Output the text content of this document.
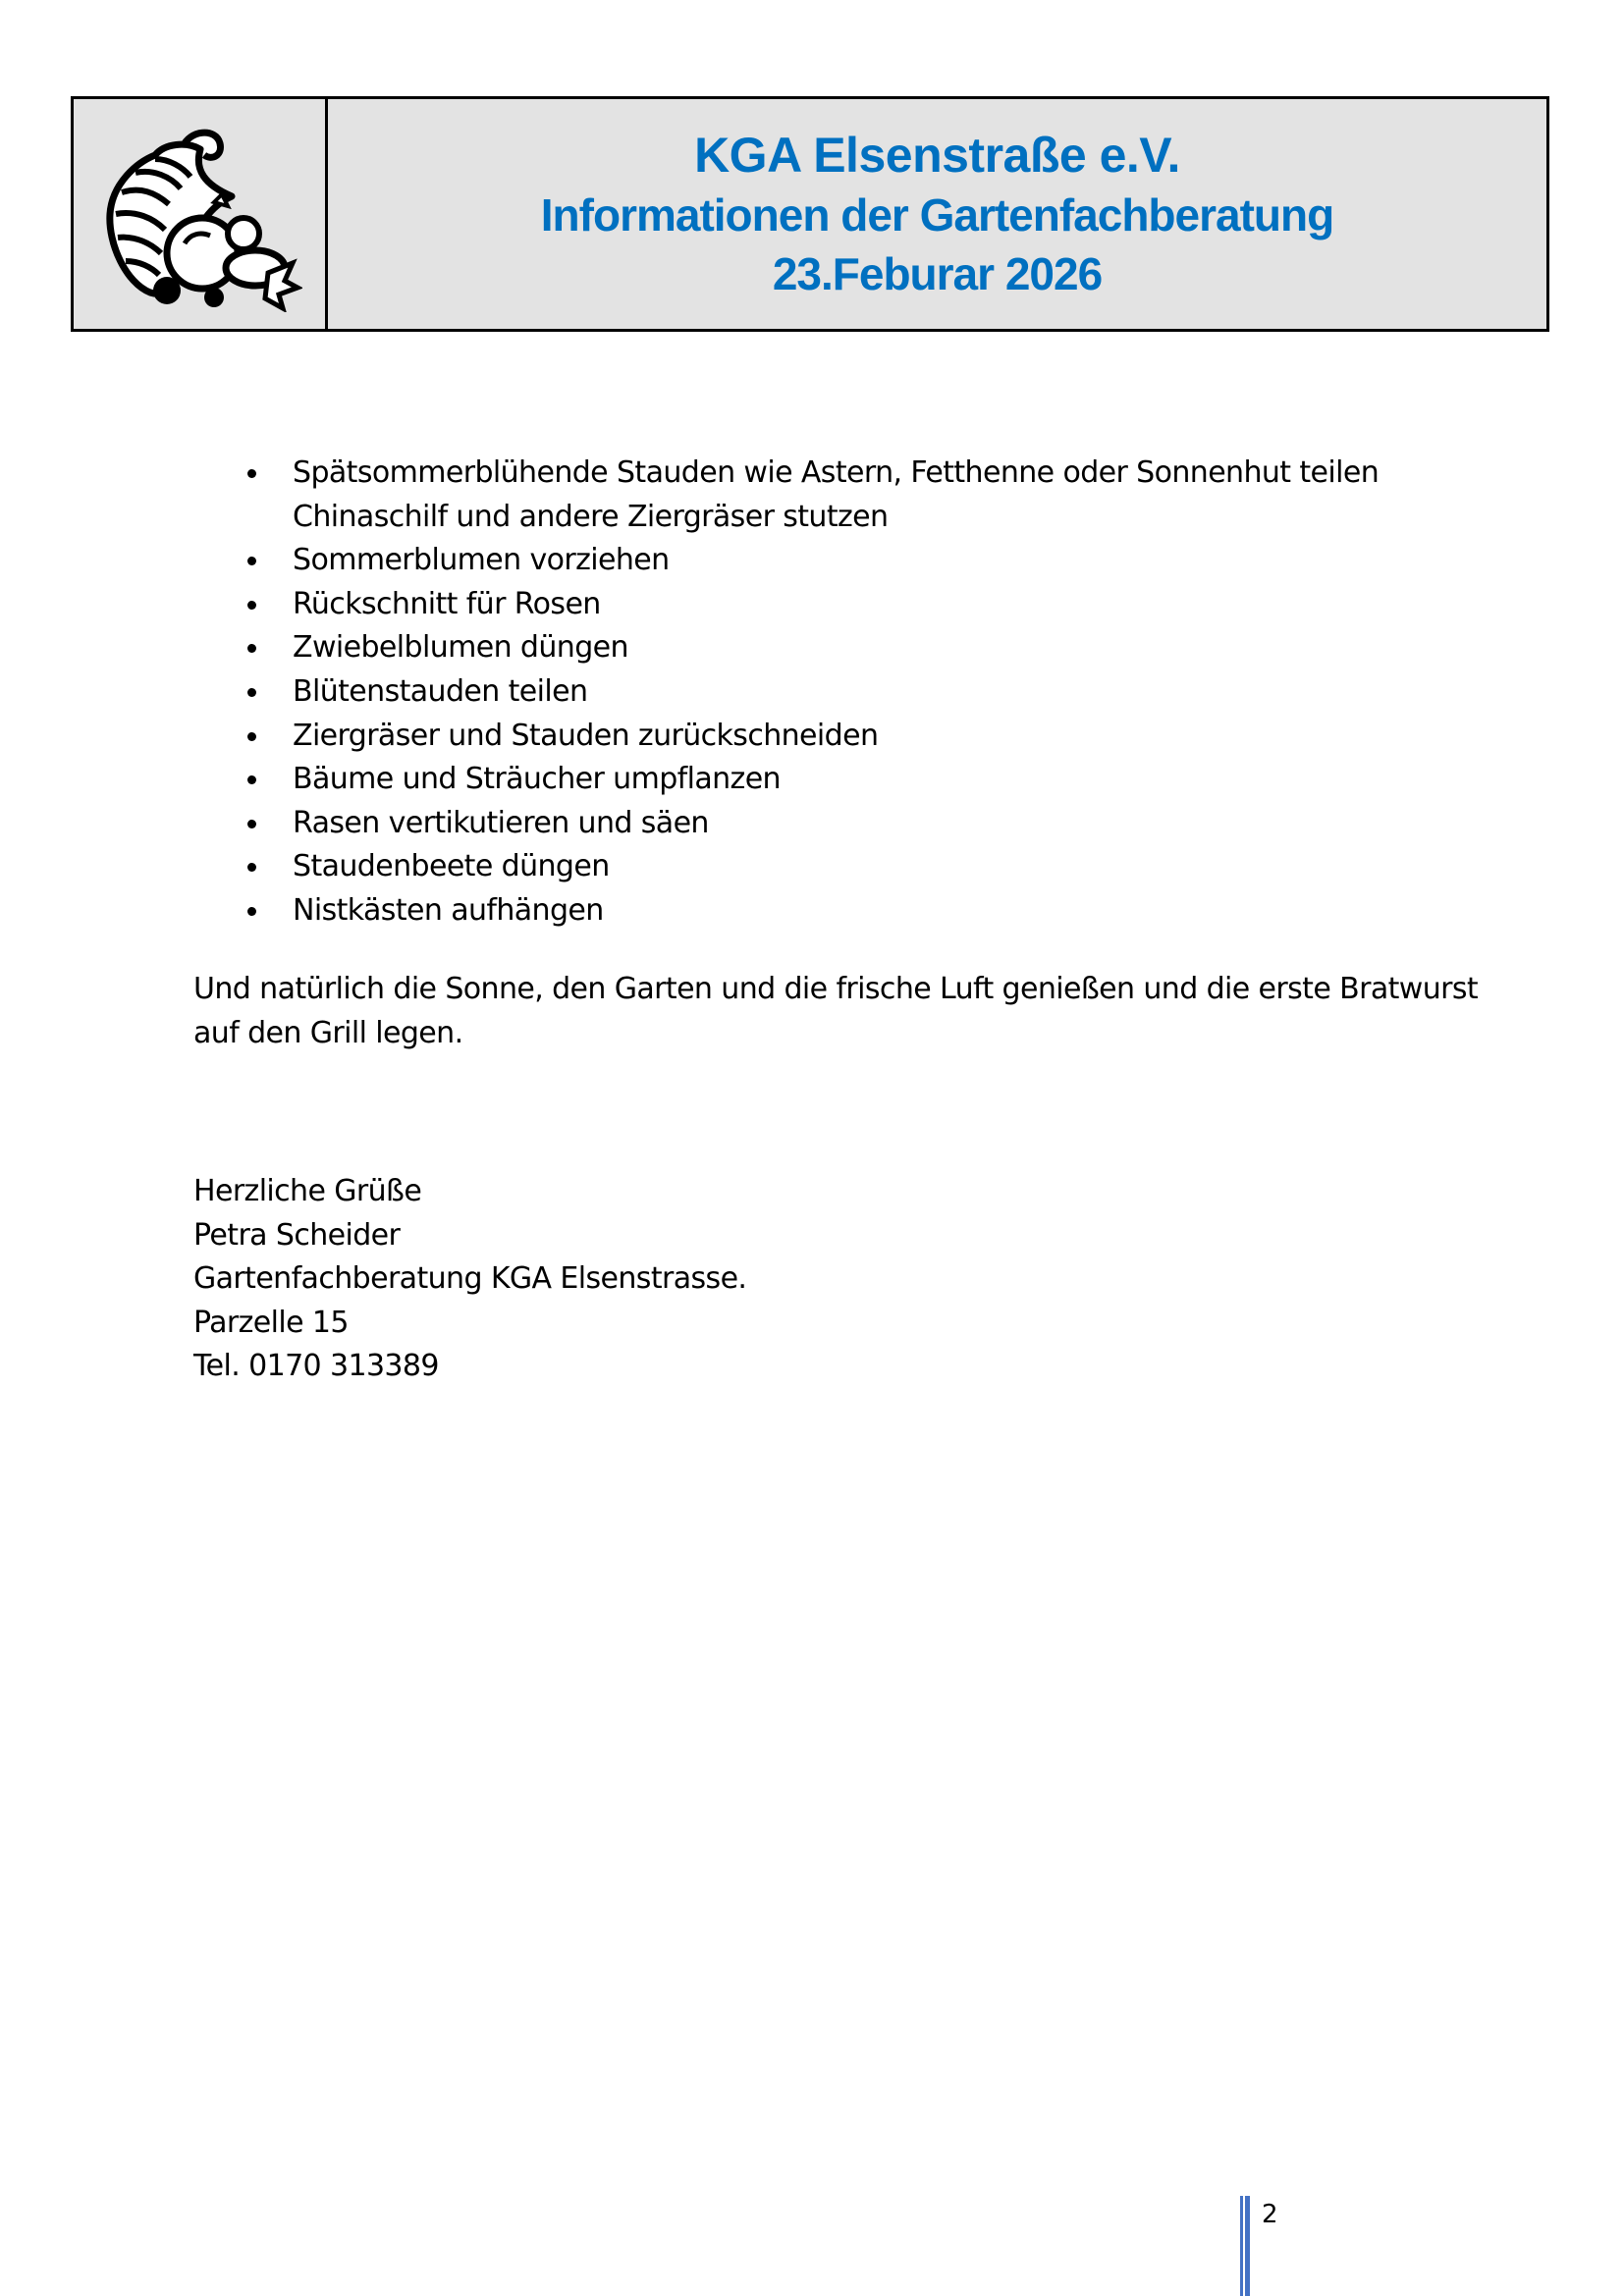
KGA Elsenstraße e.V.
Informationen der Gartenfachberatung
23.Feburar 2026
Spätsommerblühende Stauden wie Astern, Fetthenne oder Sonnenhut teilen
Chinaschilf und andere Ziergräser stutzen
Sommerblumen vorziehen
Rückschnitt für Rosen
Zwiebelblumen düngen
Blütenstauden teilen
Ziergräser und Stauden zurückschneiden
Bäume und Sträucher umpflanzen
Rasen vertikutieren und säen
Staudenbeete düngen
Nistkästen aufhängen
Und natürlich die Sonne, den Garten und die frische Luft genießen und die erste Bratwurst auf den Grill legen.
Herzliche Grüße
Petra Scheider
Gartenfachberatung KGA Elsenstrasse.
Parzelle 15
Tel. 0170 313389
2
